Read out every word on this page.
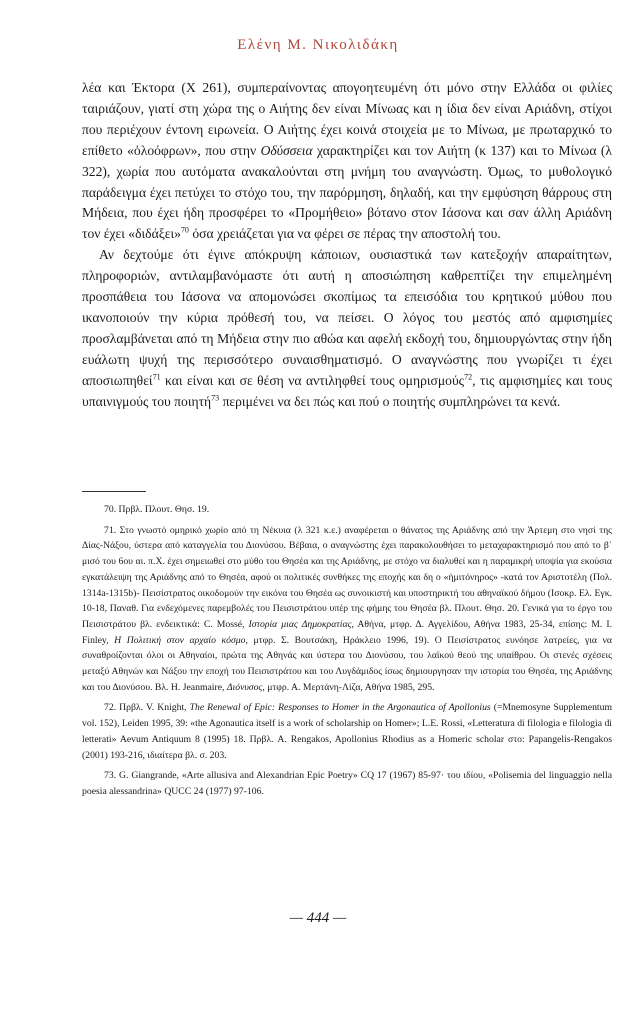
Ελένη Μ. Νικολιδάκη

λέα και Έκτορα (Χ 261), συμπεραίνοντας απογοητευμένη ότι μόνο στην Ελλάδα οι φιλίες ταιριάζουν, γιατί στη χώρα της ο Αιήτης δεν είναι Μίνωας και η ίδια δεν είναι Αριάδνη, στίχοι που περιέχουν έντονη ειρωνεία. Ο Αιήτης έχει κοινά στοιχεία με το Μίνωα, με πρωταρχικό το επίθετο «ὀλοόφρων», που στην Οδύσσεια χαρακτηρίζει και τον Αιήτη (κ 137) και το Μίνωα (λ 322), χωρία που αυτόματα ανακαλούνται στη μνήμη του αναγνώστη. Όμως, το μυθολογικό παράδειγμα έχει πετύχει το στόχο του, την παρόρμηση, δηλαδή, και την εμφύσηση θάρρους στη Μήδεια, που έχει ήδη προσφέρει το «Προμήθειο» βότανο στον Ιάσονα και σαν άλλη Αριάδνη τον έχει «διδάξει»$^{70}$ όσα χρειάζεται για να φέρει σε πέρας την αποστολή του.

Αν δεχτούμε ότι έγινε απόκρυψη κάποιων, ουσιαστικά των κατεξοχήν απαραίτητων, πληροφοριών, αντιλαμβανόμαστε ότι αυτή η αποσιώπηση καθρεπτίζει την επιμελημένη προσπάθεια του Ιάσονα να απομονώσει σκοπίμως τα επεισόδια του κρητικού μύθου που ικανοποιούν την κύρια πρόθεσή του, να πείσει. Ο λόγος του μεστός από αμφισημίες προσλαμβάνεται από τη Μήδεια στην πιο αθώα και αφελή εκδοχή του, δημιουργώντας στην ήδη ευάλωτη ψυχή της περισσότερο συναισθηματισμό. Ο αναγνώστης που γνωρίζει τι έχει αποσιωπηθεί$^{71}$ και είναι και σε θέση να αντιληφθεί τους ομηρισμούς$^{72}$, τις αμφισημίες και τους υπαινιγμούς του ποιητή$^{73}$ περιμένει να δει πώς και πού ο ποιητής συμπληρώνει τα κενά.

70. Πρβλ. Πλουτ. Θησ. 19.

71. Στο γνωστό ομηρικό χωρίο από τη Νέκυια (λ 321 κ.ε.) αναφέρεται ο θάνατος της Αριάδνης από την Άρτεμη στο νησί της Δίας-Νάξου, ύστερα από καταγγελία του Διονύσου. Βέβαια, ο αναγνώστης έχει παρακολουθήσει το μεταχαρακτηρισμό που από το β΄ μισό του 6ου αι. π.Χ. έχει σημειωθεί στο μύθο του Θησέα και της Αριάδνης, με στόχο να διαλυθεί και η παραμικρή υποψία για εκούσια εγκατάλειψη της Αριάδνης από το Θησέα, αφού οι πολιτικές συνθήκες της εποχής και δη ο «ἡμιτόνηρος» -κατά τον Αριστοτέλη (Πολ. 1314a-1315b)- Πεισίστρατος οικοδομούν την εικόνα του Θησέα ως συνοικιστή και υποστηρικτή του αθηναϊκού δήμου (Ισοκρ. Ελ. Εγκ. 10-18, Παναθ. Για ενδεχόμενες παρεμβολές του Πεισιστράτου υπέρ της φήμης του Θησέα βλ. Πλουτ. Θησ. 20. Γενικά για το έργο του Πεισιστράτου βλ. ενδεικτικά: C. Mossé, Ιστορία μιας Δημοκρατίας, Αθήνα, μτφρ. Δ. Αγγελίδου, Αθήνα 1983, 25-34, επίσης: M. I. Finley, Η Πολιτική στον αρχαίο κόσμο, μτφρ. Σ. Βουτσάκη, Ηράκλειο 1996, 19). Ο Πεισίστρατος ευνόησε λατρείες, για να συναθροίζονται όλοι οι Αθηναίοι, πρώτα της Αθηνάς και ύστερα του Διονύσου, του λαϊκού θεού της υπαίθρου. Οι στενές σχέσεις μεταξύ Αθηνών και Νάξου την εποχή του Πεισιστράτου και του Λυγδάμιδος ίσως δημιουργησαν την ιστορία του Θησέα, της Αριάδνης και του Διονύσου. Βλ. H. Jeanmaire, Διόνυσος, μτφρ. Α. Μερτάνη-Λίζα, Αθήνα 1985, 295.

72. Πρβλ. V. Knight, The Renewal of Epic: Responses to Homer in the Argonautica of Apollonius (=Mnemosyne Supplementum vol. 152), Leiden 1995, 39: «the Agonautica itself is a work of scholarship on Homer»; L.E. Rossi, «Letteratura di filologia e filologia di letterati» Aevum Antiquum 8 (1995) 18. Πρβλ. A. Rengakos, Apollonius Rhodius as a Homeric scholar στο: Papangelis-Rengakos (2001) 193-216, ιδιαίτερα βλ. σ. 203.

73. G. Giangrande, «Arte allusiva and Alexandrian Epic Poetry» CQ 17 (1967) 85-97· του ιδίου, «Polisemia del linguaggio nella poesia alessandrina» QUCC 24 (1977) 97-106.

— 444 —
